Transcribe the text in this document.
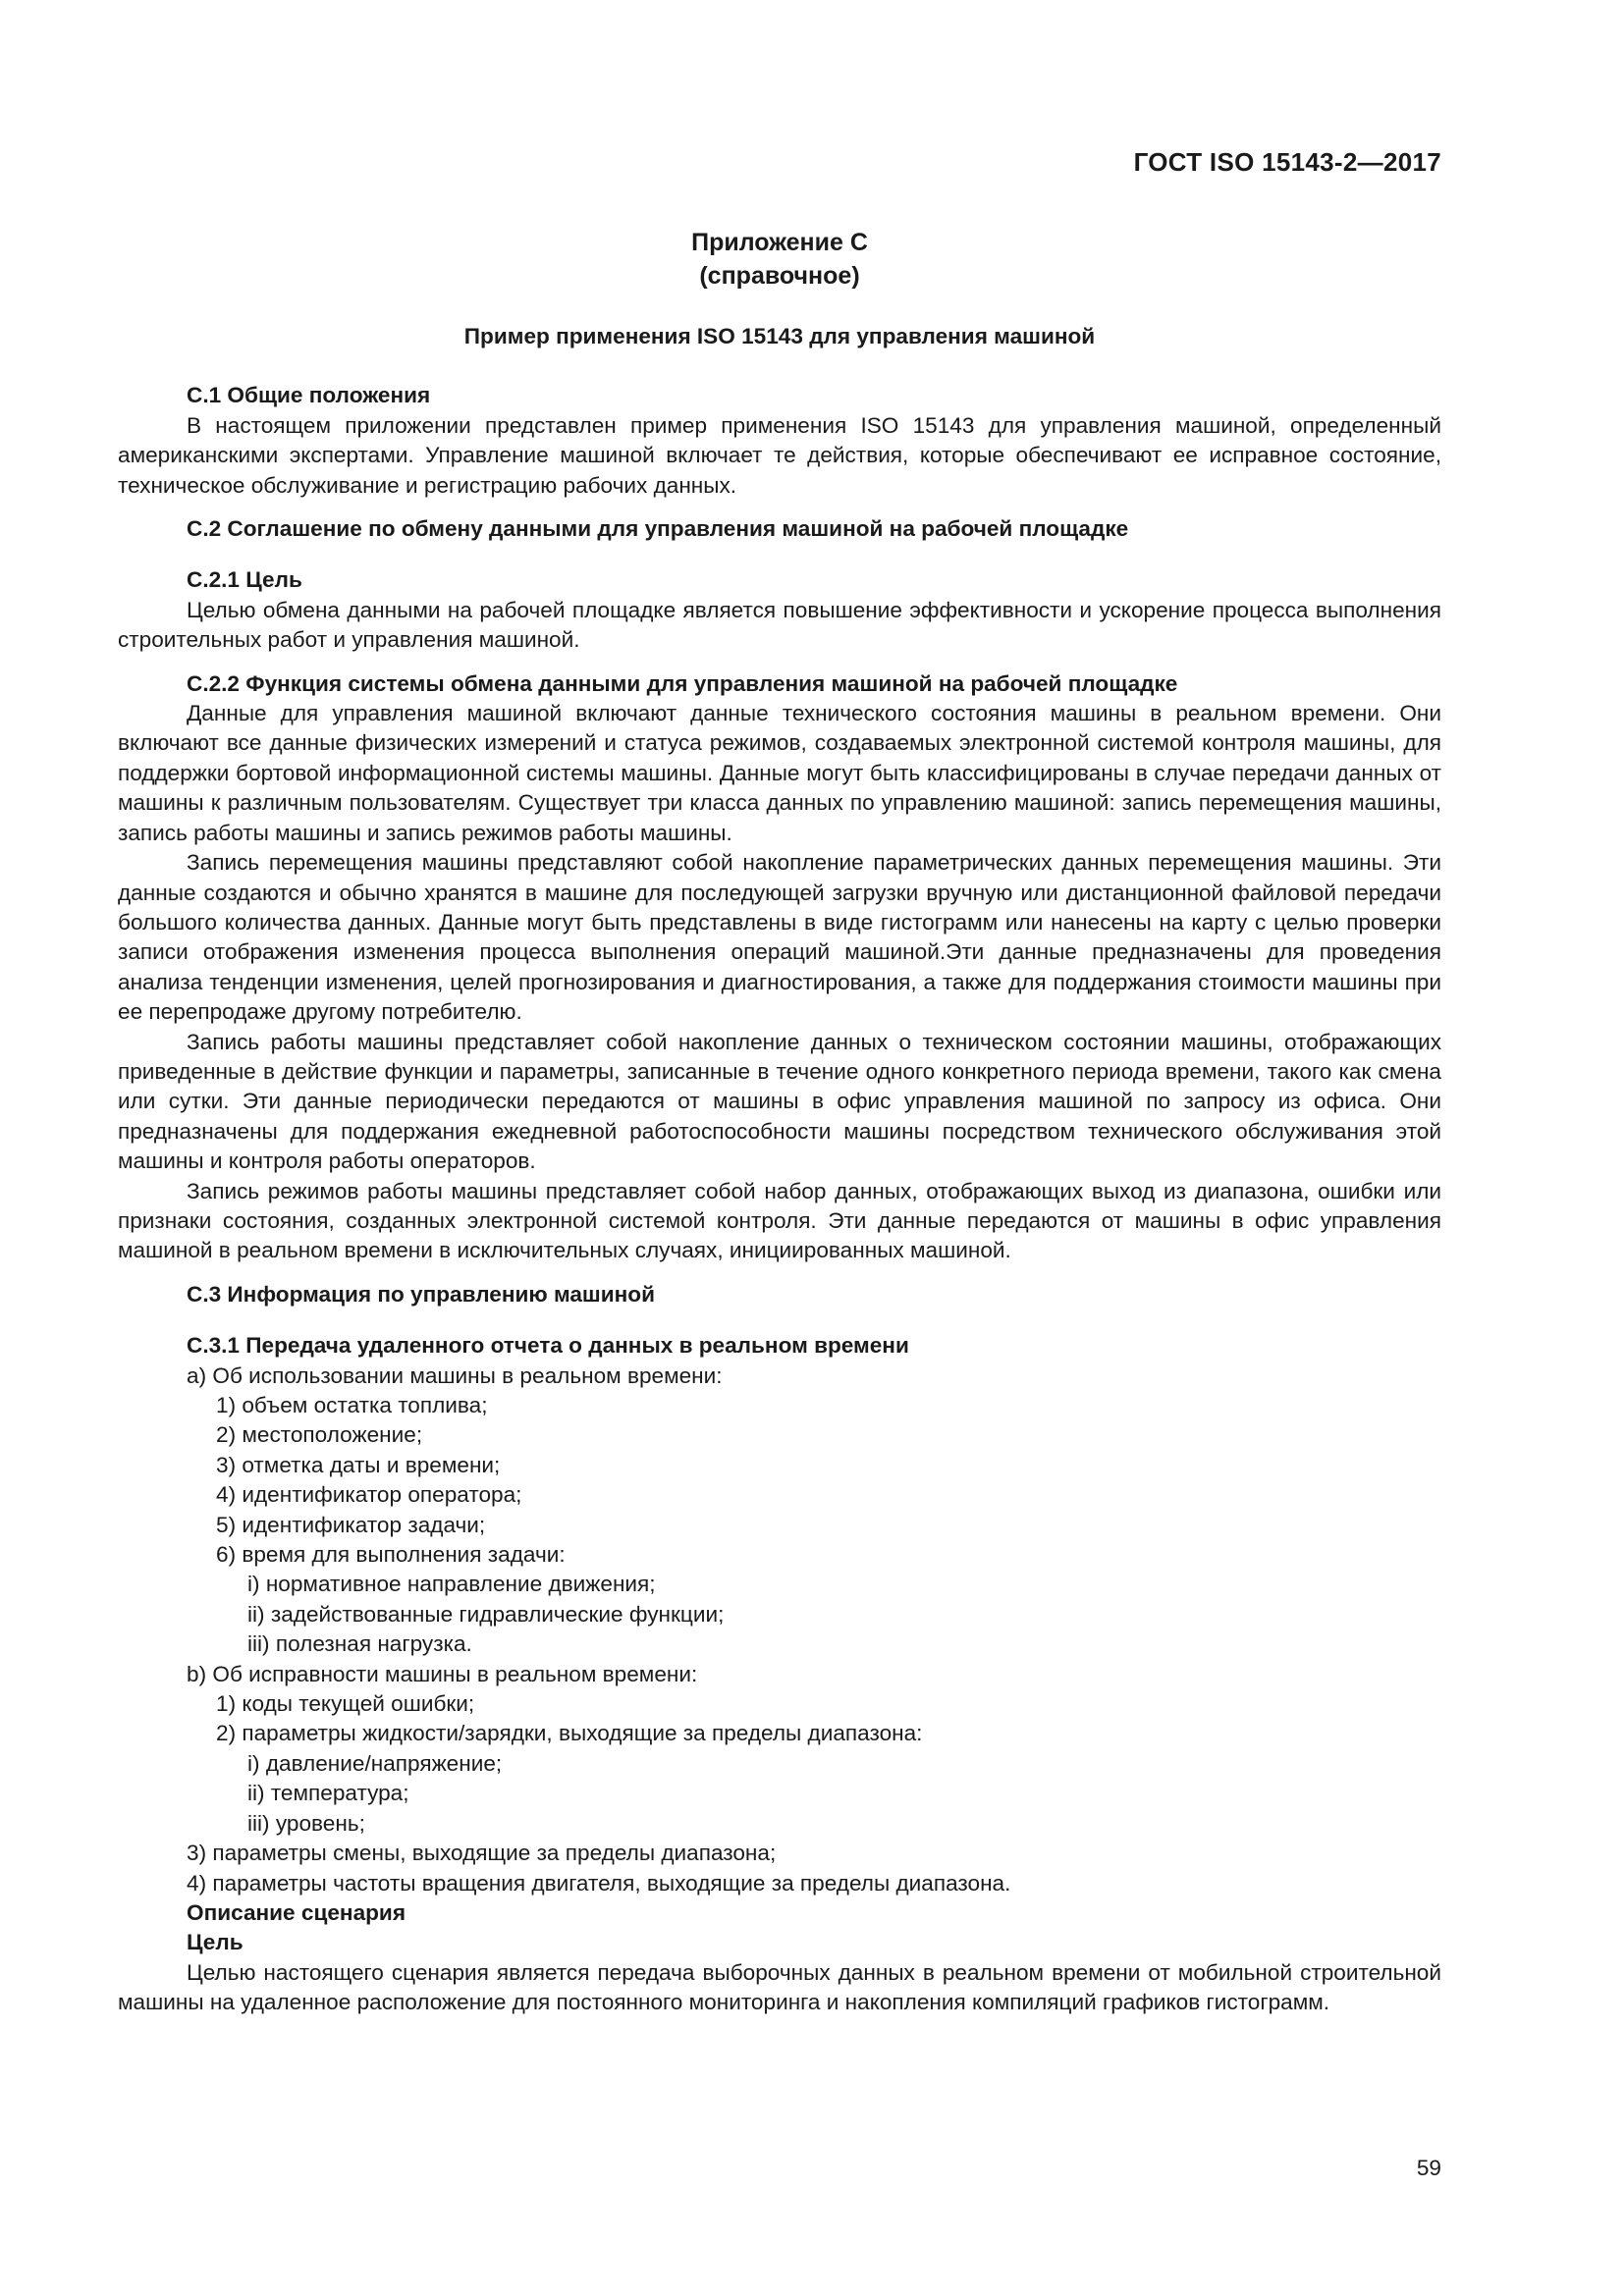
ГОСТ ISO 15143-2—2017
Приложение С
(справочное)
Пример применения ISO 15143 для управления машиной
С.1 Общие положения

В настоящем приложении представлен пример применения ISO 15143 для управления машиной, определенный американскими экспертами. Управление машиной включает те действия, которые обеспечивают ее исправное состояние, техническое обслуживание и регистрацию рабочих данных.

С.2 Соглашение по обмену данными для управления машиной на рабочей площадке
С.2.1 Цель

Целью обмена данными на рабочей площадке является повышение эффективности и ускорение процесса выполнения строительных работ и управления машиной.

С.2.2 Функция системы обмена данными для управления машиной на рабочей площадке

Данные для управления машиной включают данные технического состояния машины в реальном времени. Они включают все данные физических измерений и статуса режимов, создаваемых электронной системой контроля машины, для поддержки бортовой информационной системы машины. Данные могут быть классифицированы в случае передачи данных от машины к различным пользователям. Существует три класса данных по управлению машиной: запись перемещения машины, запись работы машины и запись режимов работы машины.

Запись перемещения машины представляют собой накопление параметрических данных перемещения машины. Эти данные создаются и обычно хранятся в машине для последующей загрузки вручную или дистанционной файловой передачи большого количества данных. Данные могут быть представлены в виде гистограмм или нанесены на карту с целью проверки записи отображения изменения процесса выполнения операций машиной.Эти данные предназначены для проведения анализа тенденции изменения, целей прогнозирования и диагностирования, а также для поддержания стоимости машины при ее перепродаже другому потребителю.

Запись работы машины представляет собой накопление данных о техническом состоянии машины, отображающих приведенные в действие функции и параметры, записанные в течение одного конкретного периода времени, такого как смена или сутки. Эти данные периодически передаются от машины в офис управления машиной по запросу из офиса. Они предназначены для поддержания ежедневной работоспособности машины посредством технического обслуживания этой машины и контроля работы операторов.

Запись режимов работы машины представляет собой набор данных, отображающих выход из диапазона, ошибки или признаки состояния, созданных электронной системой контроля. Эти данные передаются от машины в офис управления машиной в реальном времени в исключительных случаях, инициированных машиной.

С.3 Информация по управлению машиной
С.3.1 Передача удаленного отчета о данных в реальном времени
а) Об использовании машины в реальном времени:
1) объем остатка топлива;
2) местоположение;
3) отметка даты и времени;
4) идентификатор оператора;
5) идентификатор задачи;
6) время для выполнения задачи:
i) нормативное направление движения;
ii) задействованные гидравлические функции;
iii) полезная нагрузка.
b) Об исправности машины в реальном времени:
1) коды текущей ошибки;
2) параметры жидкости/зарядки, выходящие за пределы диапазона:
i) давление/напряжение;
ii) температура;
iii) уровень;
3) параметры смены, выходящие за пределы диапазона;
4) параметры частоты вращения двигателя, выходящие за пределы диапазона.
Описание сценария
Цель

Целью настоящего сценария является передача выборочных данных в реальном времени от мобильной строительной машины на удаленное расположение для постоянного мониторинга и накопления компиляций графиков гистограмм.

59
